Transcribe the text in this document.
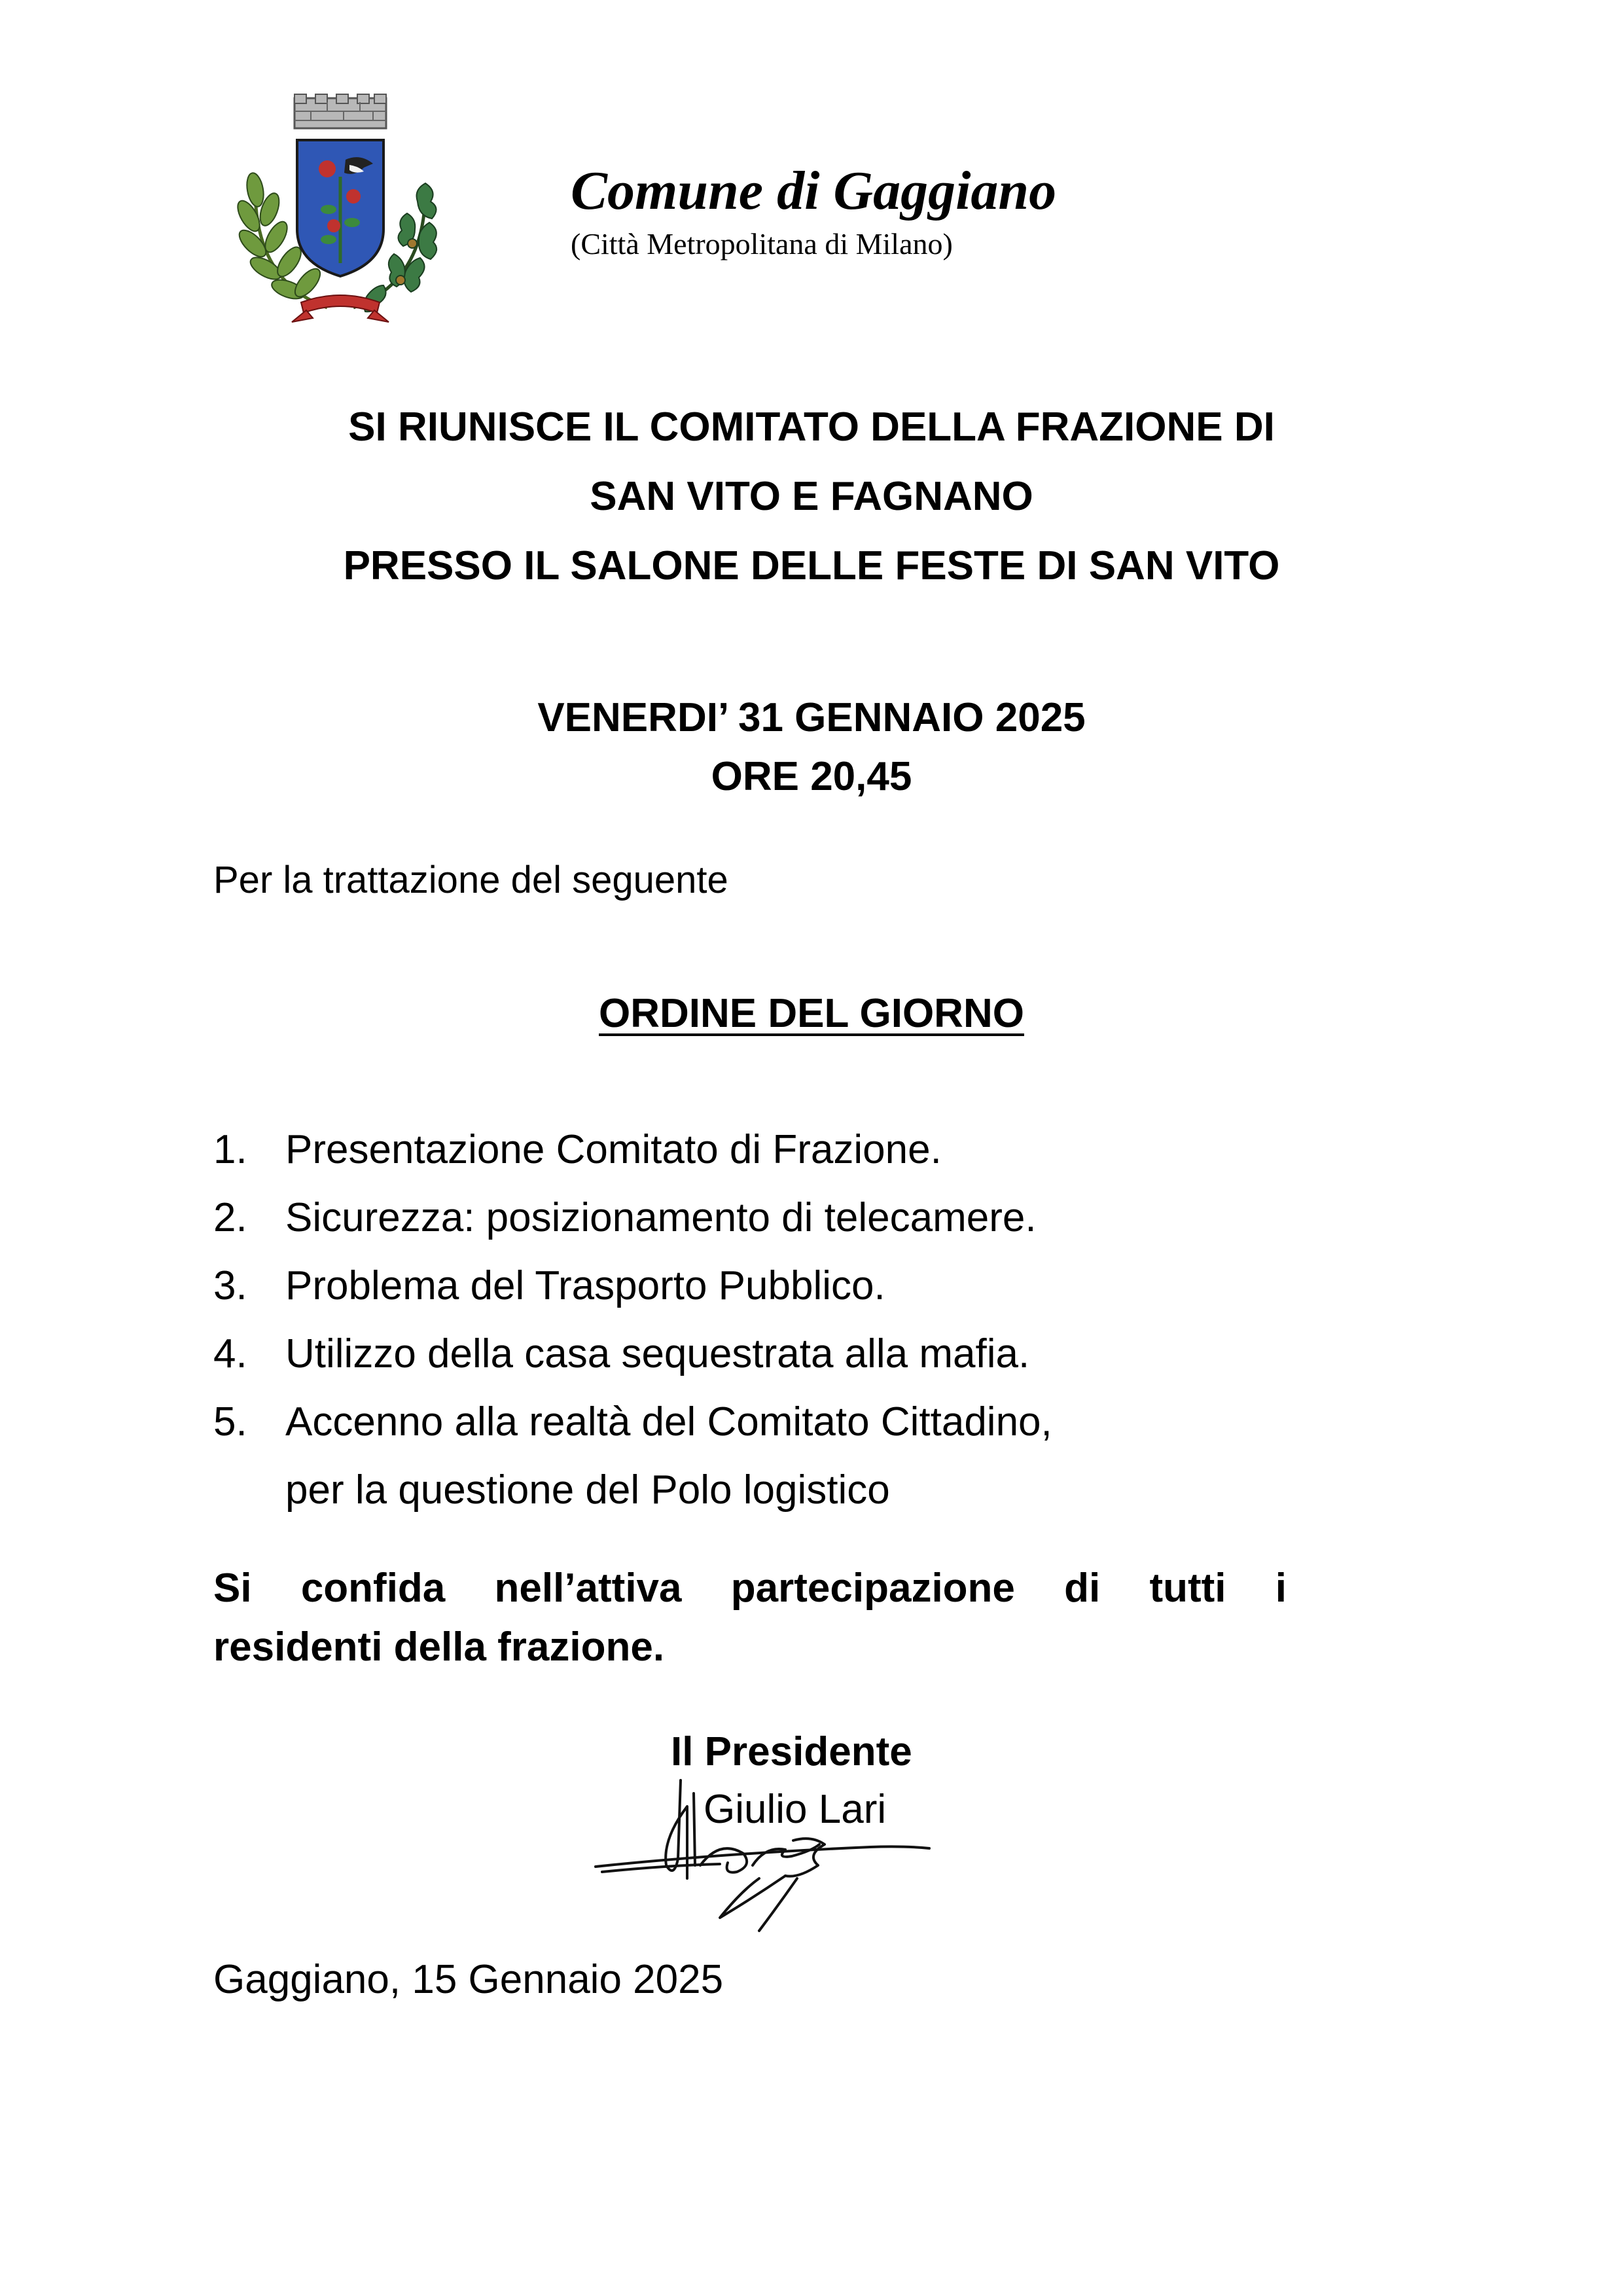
Comune di Gaggiano
(Città Metropolitana di Milano)
SI RIUNISCE IL COMITATO DELLA FRAZIONE DI
SAN VITO E FAGNANO
PRESSO IL SALONE DELLE FESTE DI SAN VITO
VENERDI’ 31 GENNAIO 2025
ORE 20,45
Per la trattazione del seguente
ORDINE DEL GIORNO
1. Presentazione Comitato di Frazione.
2. Sicurezza: posizionamento di telecamere.
3. Problema del Trasporto Pubblico.
4. Utilizzo della casa sequestrata alla mafia.
5. Accenno alla realtà del Comitato Cittadino,
per la questione del Polo logistico
Si confida nell’attiva partecipazione di tutti i
residenti della frazione.
Il Presidente
Giulio Lari
Gaggiano, 15 Gennaio 2025
